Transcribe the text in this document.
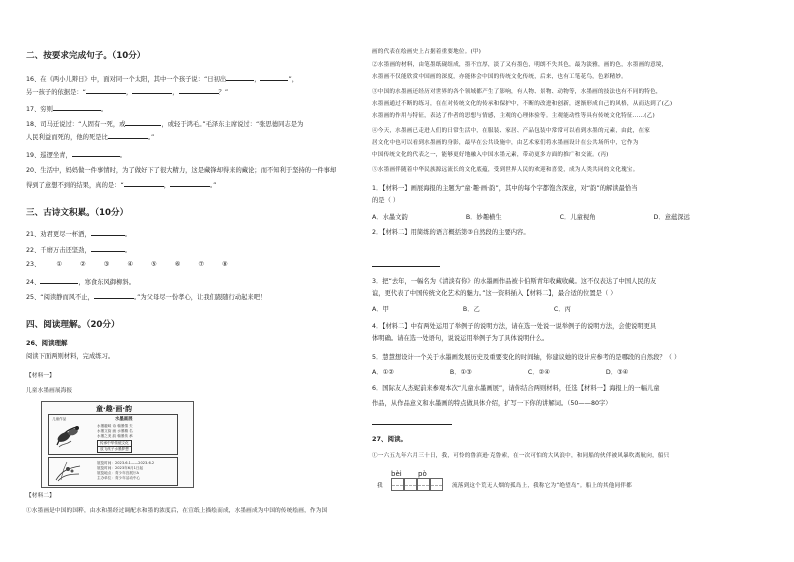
二、按要求完成句子。（10分）
16、在《两小儿辩日》中，面对同一个太阳，其中一个孩子说：“日初出	，	”，
另一孩子的依据是：“	，	，	？”
17、穷则	。
18、司马迁说过：“人固有一死，或	，或轻于鸿毛。”毛泽东主席说过：“张思德同志是为
人民利益而死的，他的死是比	。”
19、巡逻坐青，	。
20、生活中，妈妈做一件事情时，为了做好下了很大精力，这是藏锋却得来的藏论；而不知利于坚持的一件事却
得到了意想不到的结果，真的是：“	，	。”
三、古诗文积累。（10分）
21、劝君更尽一杯酒，	。
22、千磨万击还坚劲，	。
23、	①	②	③	④	⑤	⑥	⑦	⑧
24、	，寒食东风御柳斜。
25、“阅读静而风不止，	。”为父母尽一份孝心，让我们跟随行动起来吧！
四、阅读理解。（20分）
26、阅读理解
阅读下面两则材料，完成练习。
【材料一】
儿童水墨画展海报
童·趣·画·韵
儿童作品	水墨画展
水墨趣味 诗 翰墨情 夫
水墨文韵 画 水墨精 名
水墨之美 韵 翰墨传 承
传承中华传统文化
放飞孩子水墨梦想
展览时间：2023.6.1——2023.6.2
展览时间：2023年6月1日起
展览地点：青少年宫展厅A
主办单位：青少年活动中心
【材料二】
①水墨画是中国的国粹，由水和墨经过调配水和墨的浓度后，在宣纸上描绘而成，水墨画成为中国的传统绘画，作为国
画的代表在绘画史上占据着重要地位。(甲)
②水墨画的材料，由笔墨纸砚组成，墨不宜厚，淡了又有墨色，明朗不失其色，最为淡雅，画的色，水墨画的意境，
水墨画不仅能欣赏中国画的深度，亦能体会中国的传统文化传统，后来，也有工笔花鸟，色彩精妙。
③中国的水墨画还经历对世界的各个领域都产生了影响，有人物、景物、动物等，水墨画的技法也有不同的特色，
水墨画通过不断的练习，在在对传统文化的传承和保护中，不断的改进和创新，逐渐形成自己的风格，从而达到了(乙)
水墨画的作用与特征，表达了作者的思想与情感，主观的心理体验等。主观能动性等具有传统文化特征……(乙)
④今天，水墨画已走进人们的日常生活中，在服装、家居、产品包装中常常可以看到水墨的元素，由此，在家
居文化中也可以看到水墨画的身影，最早在公共设施中，由艺术家们将水墨画设计在公共场所中，它作为
中国传统文化的代表之一，能够更好地融入中国水墨元素，带动更多方面的推广和交流。(丙)
⑤水墨画伴随着中华民族源远流长的文化底蕴，受到世界人民的欢迎和喜爱，成为人类共同的文化瑰宝。
1．【材料一】画展海报的主题为“童·趣·画·韵”，其中的每个字都饱含深意，对“韵”的解读最恰当
的是（ ）
A．水墨文韵	B．妙趣横生	C．儿童视角	D．意蕴深远
2．【材料二】用简练的语言概括第③自然段的主要内容。
3．把“去年，一幅名为《清淡有你》的水墨画作品被卡伯斯青年收藏收藏。这不仅表达了中国人民的友
谊，更代表了中国传统文化艺术的魅力。”这一资料插入【材料二】，最合适的位置是（ ）
A．甲	B．乙	C．丙
4．【材料二】中有两处运用了举例子的说明方法，请在选一处说一说举例子的说明方法，会使说明更具
体明确。请在选一处语句，说说运用举例子为了具体说明什么。
5．慧慧想设计一个关于水墨画发展历史及重要变化的时间轴，你建议她的设计应参考的是哪段的自然段？（ ）
A．①②	B．①③	C．②④	D．③④
6．国际友人杰妮前来参观本次“儿童水墨画展”，请你结合两则材料，任选【材料一】海报上的一幅儿童
作品，从作品意义和水墨画的特点做具体介绍，扩写一下你的讲解词。（50——80字）
27、阅读。
①一六五九年六月三十日，我，可怜的鲁滨逊·克鲁索，在一次可怕的大风浪中，和同船的伙伴被风暴吹离航向，船只
bèi pò
我	流落到这个荒无人烟的孤岛上，我称它为“绝望岛”。船上的其他同伴都
